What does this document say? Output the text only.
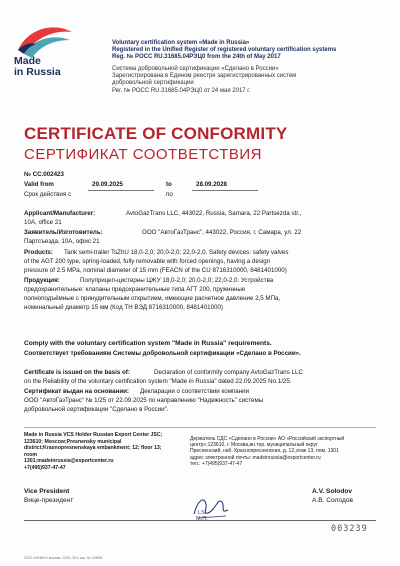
Made
in Russia
Voluntary certification system «Made in Russia»
Registered in the Unified Register of registered voluntary certification systems
Reg. № РОСС RU.31685.04РЭЦ0 from the 24th of May 2017
Система добровольной сертификации «Сделано в России»
Зарегистрирована в Едином реестре зарегистрированных систем
добровольной сертификации
Рег. № РОСС RU.31685.04РЭЦ0 от 24 мая 2017 г.
CERTIFICATE OF CONFORMITY
СЕРТИФИКАТ СООТВЕТСТВИЯ
№ СС.002423
Valid from	29.09.2025	to	28.09.2028
Срок действия с	по
Applicant/Manufacturer:	AvtoGazTrans LLC, 443022, Russia, Samara, 22 Partsezda str.,
10A, office 21
Заявитель/Изготовитель:	ООО "АвтоГазТранс", 443022, Россия, г. Самара, ул. 22
Партсъезда, 10А, офис 21
Products: Tank semi-trailer TsZhU 18,0-2,0; 20,0-2,0; 22,0-2,0. Safety devices: safety valves
of the AGT 200 type, spring-loaded, fully removable with forced openings, having a design
pressure of 2.5 MPa, nominal diameter of 15 mm (FEACN of the CU 8716310000, 8481401000)
Продукция:	Полуприцеп-цистерны ЦЖУ 18,0-2,0; 20,0-2,0; 22,0-2,0. Устройства
предохранительные: клапаны предохранительные типа АГТ 200, пружинные
полноподъёмные с принудительным открытием, имеющие расчетное давление 2,5 МПа,
номинальный диаметр 15 мм (Код ТН ВЭД 8716310000, 8481401000)
Comply with the voluntary certification system "Made in Russia" requirements.
Соответствует требованиям Системы добровольной сертификации «Сделано в России».
Certificate is issued on the basis of:	Declaration of conformity company AvtoGazTrans LLC
on the Reliability of the voluntary certification system "Made in Russia" dated 22.09.2025 No.1/25.
Сертификат выдан на основании: Декларации о соответствии компании
ООО "АвтоГазТранс" № 1/25 от 22.09.2025 по направлению "Надежность" системы
добровольной сертификации "Сделано в России".
Made in Russia VCS Holder Russian Export Center JSC;
123610; Moscow;Presnensky municipal
district;Krasnopresnenskaya embankment; 12; floor 13; room
1301;madeinrussia@exportcenter.ru
+7(495)937-47-47
Держатель СДС «Сделано в России» АО «Российский экспортный
центр»;123610, г. Москва,вн.тер. муниципальный округ
Пресненский, наб. Краснопресненская, д. 12,этаж 13, пом. 1301
адрес электронной почты: madeinrussia@exportcenter.ru
тел.: +7(495)937-47-47
Vice President
Вице-президент
LS
М.П.
A.V. Solodov
А.В. Солодов
003239
ООО «ИНИН» москва, 2025, 50т, зак. № 0480D
